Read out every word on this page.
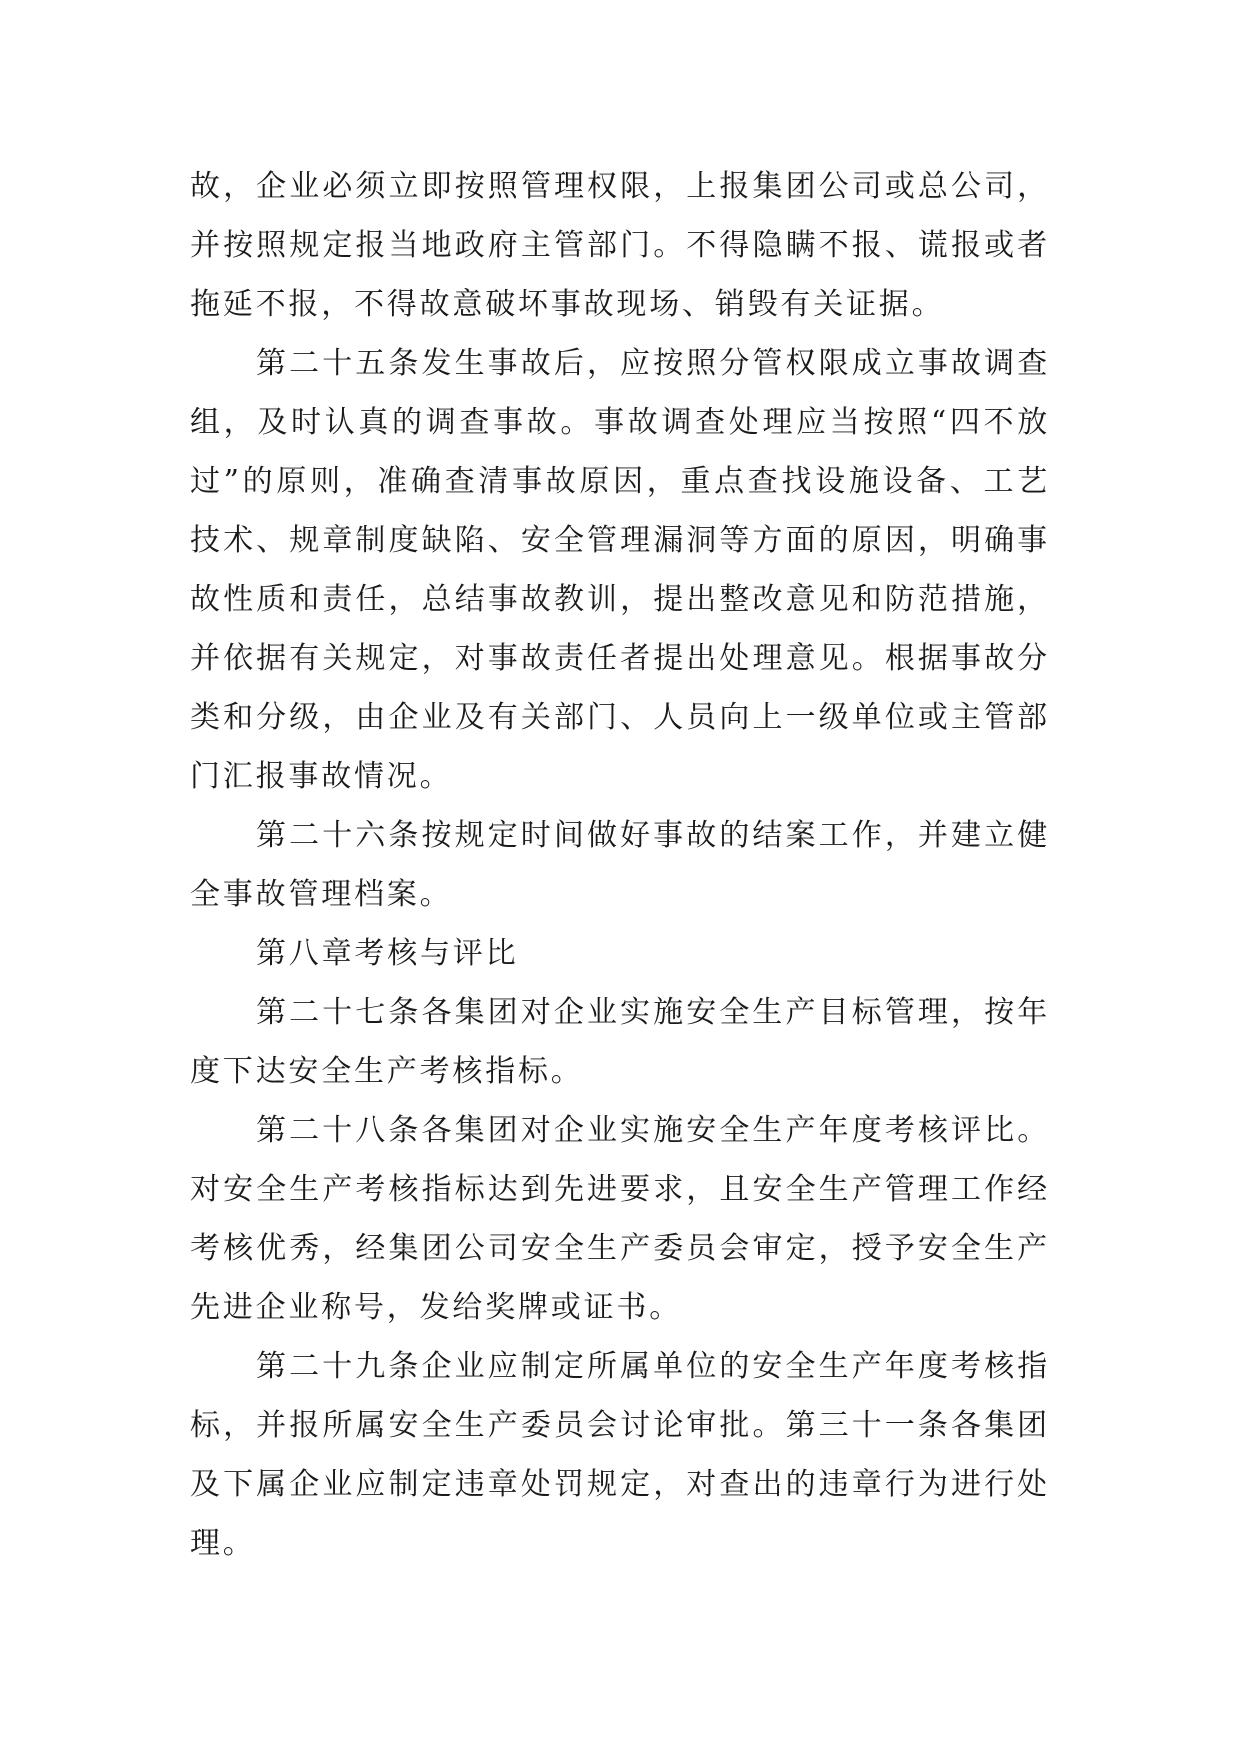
故，企业必须立即按照管理权限，上报集团公司或总公司，并按照规定报当地政府主管部门。不得隐瞒不报、谎报或者拖延不报，不得故意破坏事故现场、销毁有关证据。

第二十五条发生事故后，应按照分管权限成立事故调查组，及时认真的调查事故。事故调查处理应当按照“四不放过”的原则，准确查清事故原因，重点查找设施设备、工艺技术、规章制度缺陷、安全管理漏洞等方面的原因，明确事故性质和责任，总结事故教训，提出整改意见和防范措施，并依据有关规定，对事故责任者提出处理意见。根据事故分类和分级，由企业及有关部门、人员向上一级单位或主管部门汇报事故情况。

第二十六条按规定时间做好事故的结案工作，并建立健全事故管理档案。

第八章考核与评比

第二十七条各集团对企业实施安全生产目标管理，按年度下达安全生产考核指标。

第二十八条各集团对企业实施安全生产年度考核评比。对安全生产考核指标达到先进要求，且安全生产管理工作经考核优秀，经集团公司安全生产委员会审定，授予安全生产先进企业称号，发给奖牌或证书。

第二十九条企业应制定所属单位的安全生产年度考核指标，并报所属安全生产委员会讨论审批。第三十一条各集团及下属企业应制定违章处罚规定，对查出的违章行为进行处理。
